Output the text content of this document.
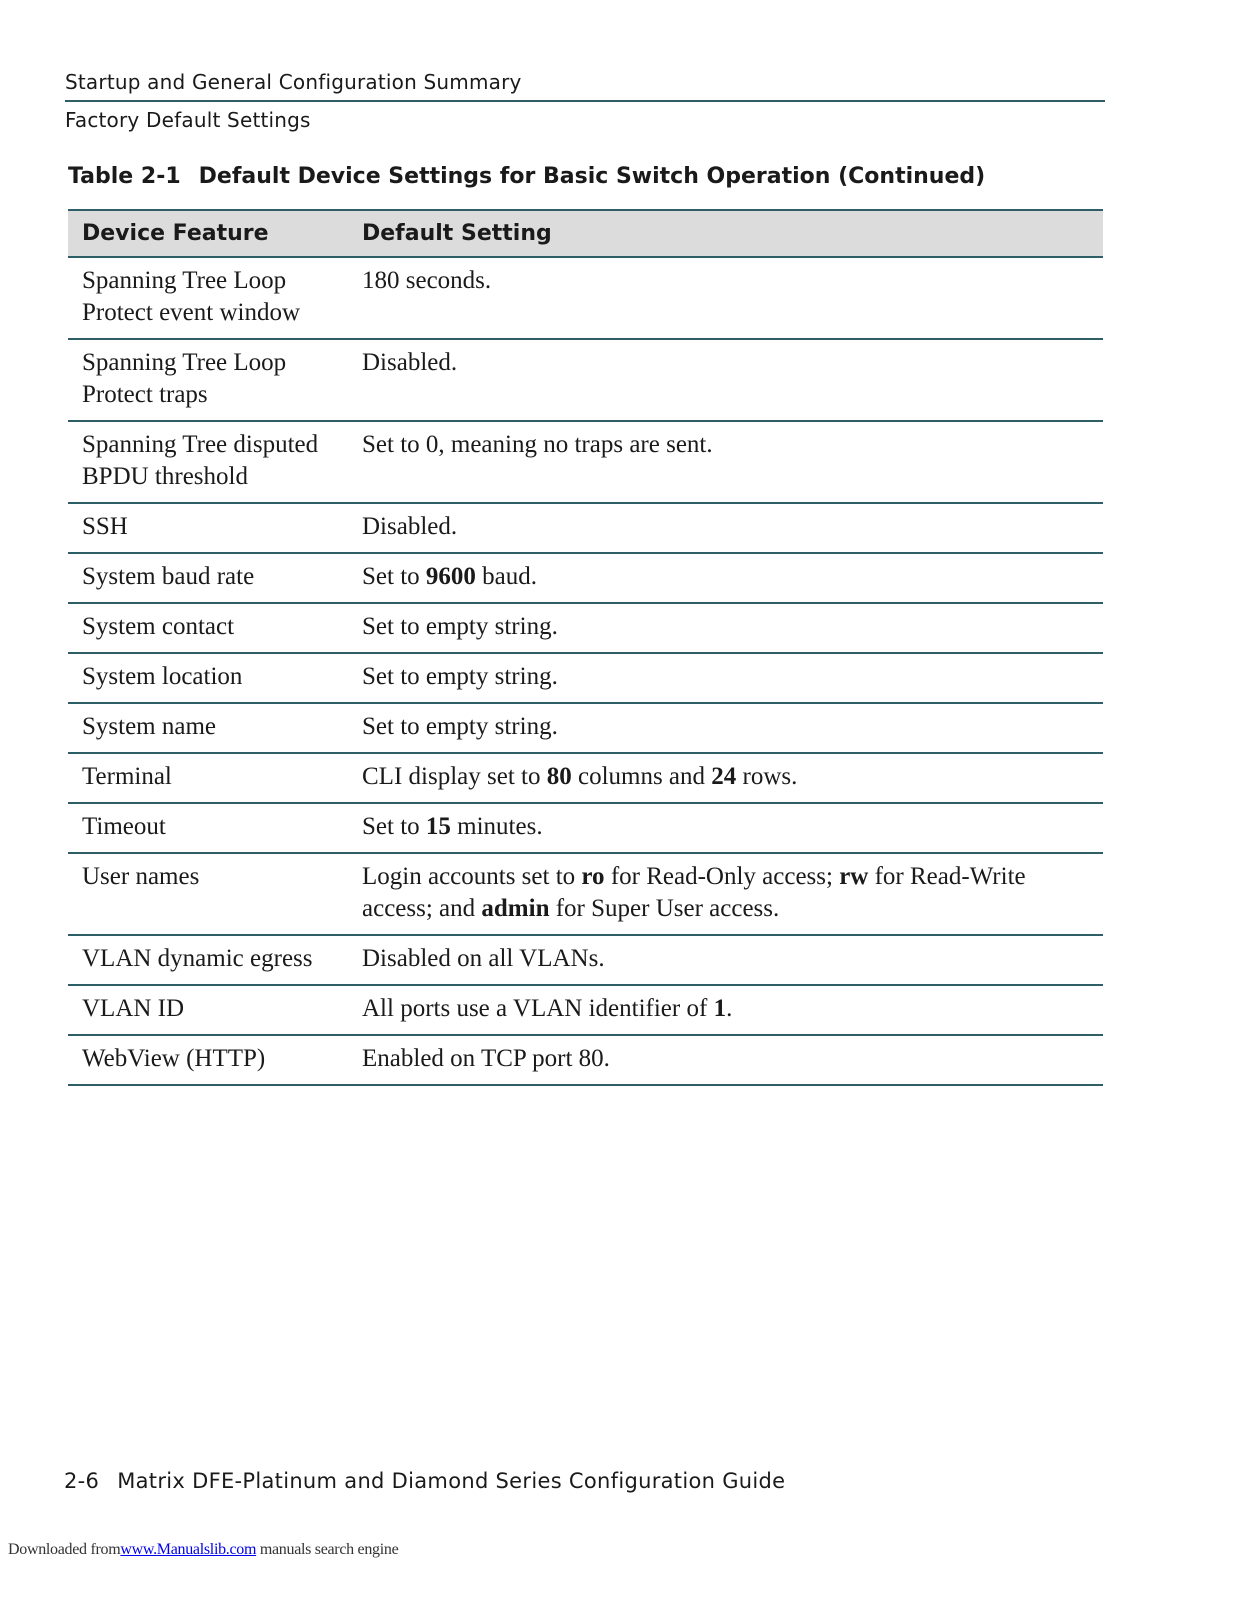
Startup and General Configuration Summary
Factory Default Settings
Table 2-1 Default Device Settings for Basic Switch Operation (Continued)
Device Feature	Default Setting

Spanning Tree Loop
Protect event window	180 seconds.

Spanning Tree Loop
Protect traps	Disabled.

Spanning Tree disputed
BPDU threshold	Set to 0, meaning no traps are sent.

SSH	Disabled.

System baud rate	Set to 9600 baud.

System contact	Set to empty string.

System location	Set to empty string.

System name	Set to empty string.

Terminal	CLI display set to 80 columns and 24 rows.

Timeout	Set to 15 minutes.

User names	Login accounts set to ro for Read-Only access; rw for Read-Write access; and admin for Super User access.

VLAN dynamic egress	Disabled on all VLANs.

VLAN ID	All ports use a VLAN identifier of 1.

WebView (HTTP)	Enabled on TCP port 80.
2-6 Matrix DFE-Platinum and Diamond Series Configuration Guide
Downloaded fromwww.Manualslib.com manuals search engine
